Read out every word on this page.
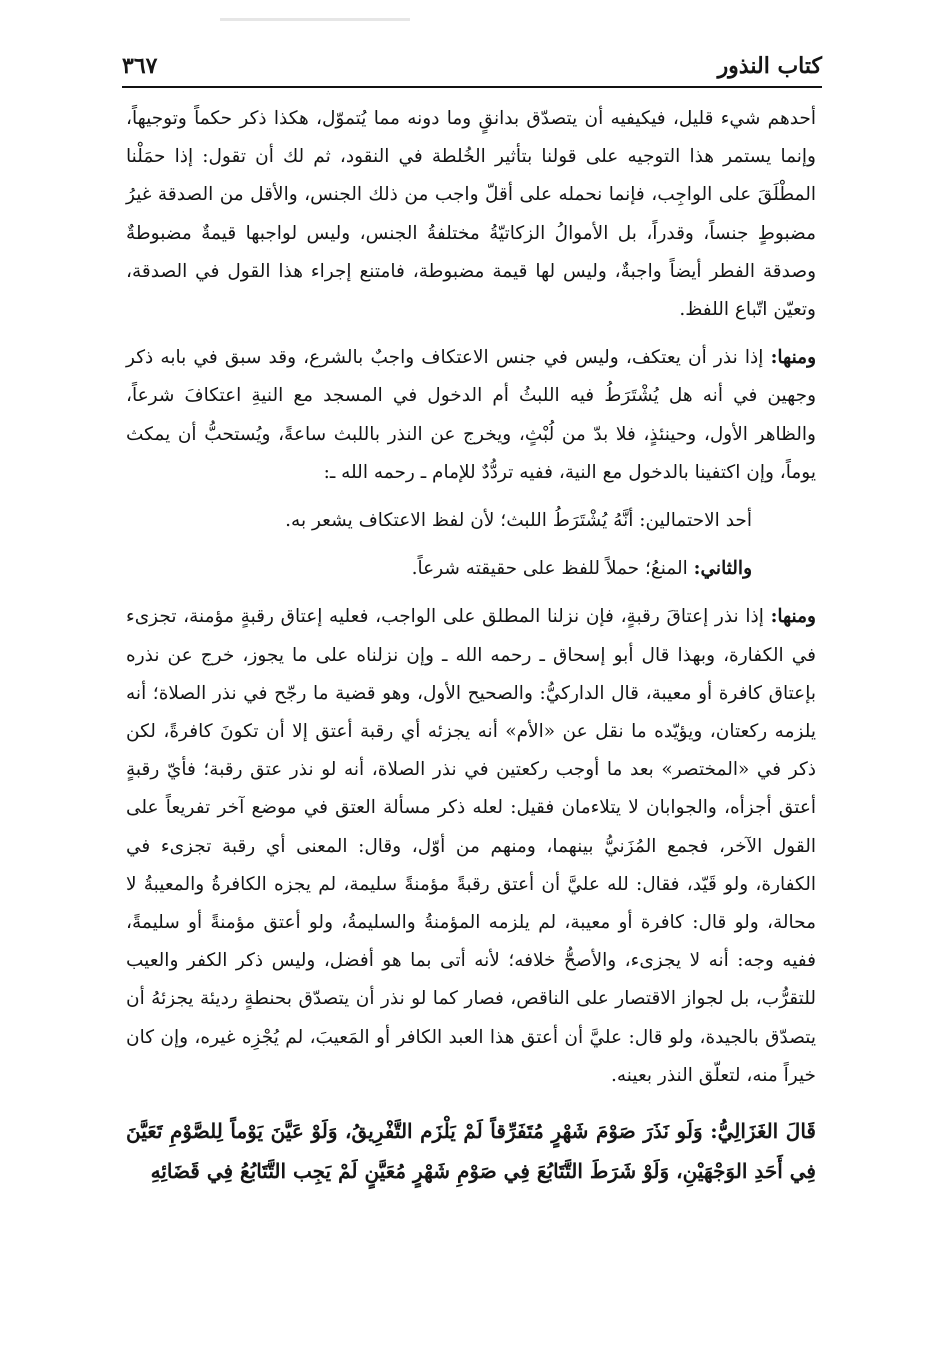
٣٦٧	كتاب النذور

أحدهم شيء قليل، فيكيفيه أن يتصدّق بدانقٍ وما دونه مما يُتموّل، هكذا ذكر حكماً وتوجيهاً، وإنما يستمر هذا التوجيه على قولنا بتأثير الخُلطة في النقود، ثم لك أن تقول: إذا حمَلْنا المطْلَقَ على الواجِب، فإنما نحمله على أقلّ واجب من ذلك الجنس، والأقل من الصدقة غيرُ مضبوطٍ جنساً، وقدراً، بل الأموالُ الزكاتيّةُ مختلفةُ الجنس، وليس لواجبها قيمةٌ مضبوطةٌ وصدقة الفطر أيضاً واجبةٌ، وليس لها قيمة مضبوطة، فامتنع إجراء هذا القول في الصدقة، وتعيّن اتّباع اللفظ.

ومنها: إذا نذر أن يعتكف، وليس في جنس الاعتكاف واجبٌ بالشرع، وقد سبق في بابه ذكر وجهين في أنه هل يُشْتَرَطُ فيه اللبثُ أم الدخول في المسجد مع النيةِ اعتكافَ شرعاً، والظاهر الأول، وحينئذٍ، فلا بدّ من لُبْثٍ، ويخرج عن النذر باللبث ساعةً، ويُستحبُّ أن يمكث يوماً، وإن اكتفينا بالدخول مع النية، ففيه تردُّدٌ للإمام ـ رحمه الله ـ:

أحد الاحتمالين: أنَّهُ يُشْتَرَطُ اللبث؛ لأن لفظ الاعتكاف يشعر به.

والثاني: المنعُ؛ حملاً للفظ على حقيقته شرعاً.

ومنها: إذا نذر إعتاقَ رقبةٍ، فإن نزلنا المطلق على الواجب، فعليه إعتاق رقبةٍ مؤمنة، تجزىء في الكفارة، وبهذا قال أبو إسحاق ـ رحمه الله ـ وإن نزلناه على ما يجوز، خرج عن نذره بإعتاق كافرة أو معيبة، قال الداركيُّ: والصحيح الأول، وهو قضية ما رجّح في نذر الصلاة؛ أنه يلزمه ركعتان، ويؤيّده ما نقل عن «الأم» أنه يجزئه أي رقبة أعتق إلا أن تكونَ كافرةً، لكن ذكر في «المختصر» بعد ما أوجب ركعتين في نذر الصلاة، أنه لو نذر عتق رقبة؛ فأيّ رقبةٍ أعتق أجزأه، والجوابان لا يتلاءمان فقيل: لعله ذكر مسألة العتق في موضع آخر تفريعاً على القول الآخر، فجمع المُزَنيُّ بينهما، ومنهم من أوّل، وقال: المعنى أي رقبة تجزىء في الكفارة، ولو قَيّد، فقال: لله عليَّ أن أعتق رقبةً مؤمنةً سليمة، لم يجزه الكافرةُ والمعيبةُ لا محالة، ولو قال: كافرة أو معيبة، لم يلزمه المؤمنةُ والسليمةُ، ولو أعتق مؤمنةً أو سليمةً، ففيه وجه: أنه لا يجزىء، والأصحُّ خلافه؛ لأنه أتى بما هو أفضل، وليس ذكر الكفر والعيب للتقرُّب، بل لجواز الاقتصار على الناقص، فصار كما لو نذر أن يتصدّق بحنطةٍ رديئة يجزئهُ أن يتصدّق بالجيدة، ولو قال: عليَّ أن أعتق هذا العبد الكافر أو المَعيبَ، لم يُجْزِه غيره، وإن كان خيراً منه، لتعلّق النذر بعينه.

قَالَ الغَزَالِيُّ: وَلَو نَذَرَ صَوْمَ شَهْرٍ مُتَفَرِّقاً لَمْ يَلْزَم التَّفْرِيقُ، وَلَوْ عَيَّنَ يَوْماً لِلصَّوْمِ تَعَيَّنَ فِي أَحَدِ الوَجْهَيْنِ، وَلَوْ شَرَطَ التَّتَابُعَ فِي صَوْمِ شَهْرٍ مُعَيَّنٍ لَمْ يَجِب التَّتَابُعُ فِي قَضَائِهِ
